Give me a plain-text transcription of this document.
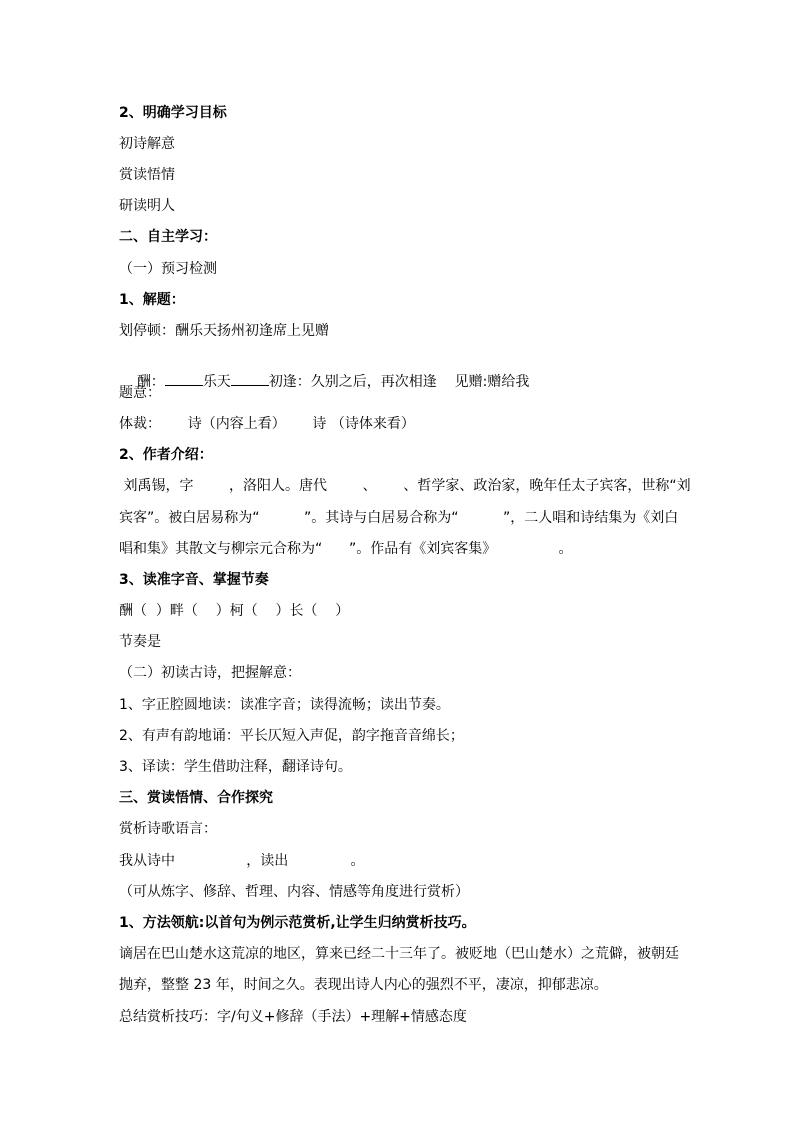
2、明确学习目标
初诗解意
赏读悟情
研读明人
二、自主学习：
（一）预习检测
1、解题：
划停顿：酬乐天扬州初逢席上见赠

酬：	乐天	初逢：久别之后，再次相逢    见赠:赠给我

题意：
体裁：      诗（内容上看）      诗 （诗体来看）
2、作者介绍：
刘禹锡，字        ，洛阳人。唐代        、      、哲学家、政治家，晚年任太子宾客，世称“刘
宾客”。被白居易称为“          ”。其诗与白居易合称为“          ”，二人唱和诗结集为《刘白
唱和集》其散文与柳宗元合称为“      ”。作品有《刘宾客集》              。
3、读准字音、掌握节奏
酬（  ）畔（    ）柯（    ）长（    ）
节奏是
（二）初读古诗，把握解意：
1、字正腔圆地读：读准字音；读得流畅；读出节奏。
2、有声有韵地诵：平长仄短入声促，韵字拖音音绵长；
3、译读：学生借助注释，翻译诗句。
三、赏读悟情、合作探究
赏析诗歌语言：
我从诗中                ，读出              。
（可从炼字、修辞、哲理、内容、情感等角度进行赏析）
1、方法领航:以首句为例示范赏析,让学生归纳赏析技巧。
谪居在巴山楚水这荒凉的地区，算来已经二十三年了。被贬地（巴山楚水）之荒僻，被朝廷
抛弃，整整 23 年，时间之久。表现出诗人内心的强烈不平，凄凉，抑郁悲凉。
总结赏析技巧：字/句义+修辞（手法）+理解+情感态度
